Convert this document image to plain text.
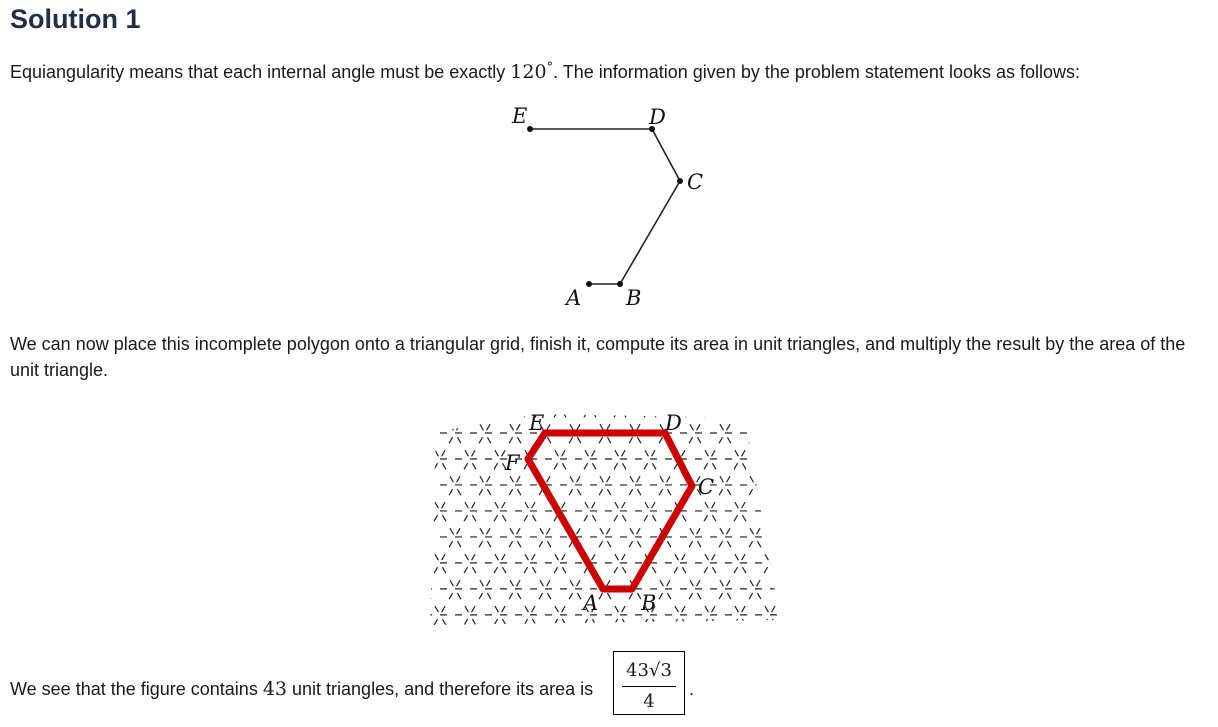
Solution 1

Equiangularity means that each internal angle must be exactly 120°. The information given by the problem statement looks as follows:

E	D
C
A B

We can now place this incomplete polygon onto a triangular grid, finish it, compute its area in unit triangles, and multiply the result by the area of the unit triangle.

E	D
F
C
A B

We see that the figure contains 43 unit triangles, and therefore its area is

43√3
4
.
